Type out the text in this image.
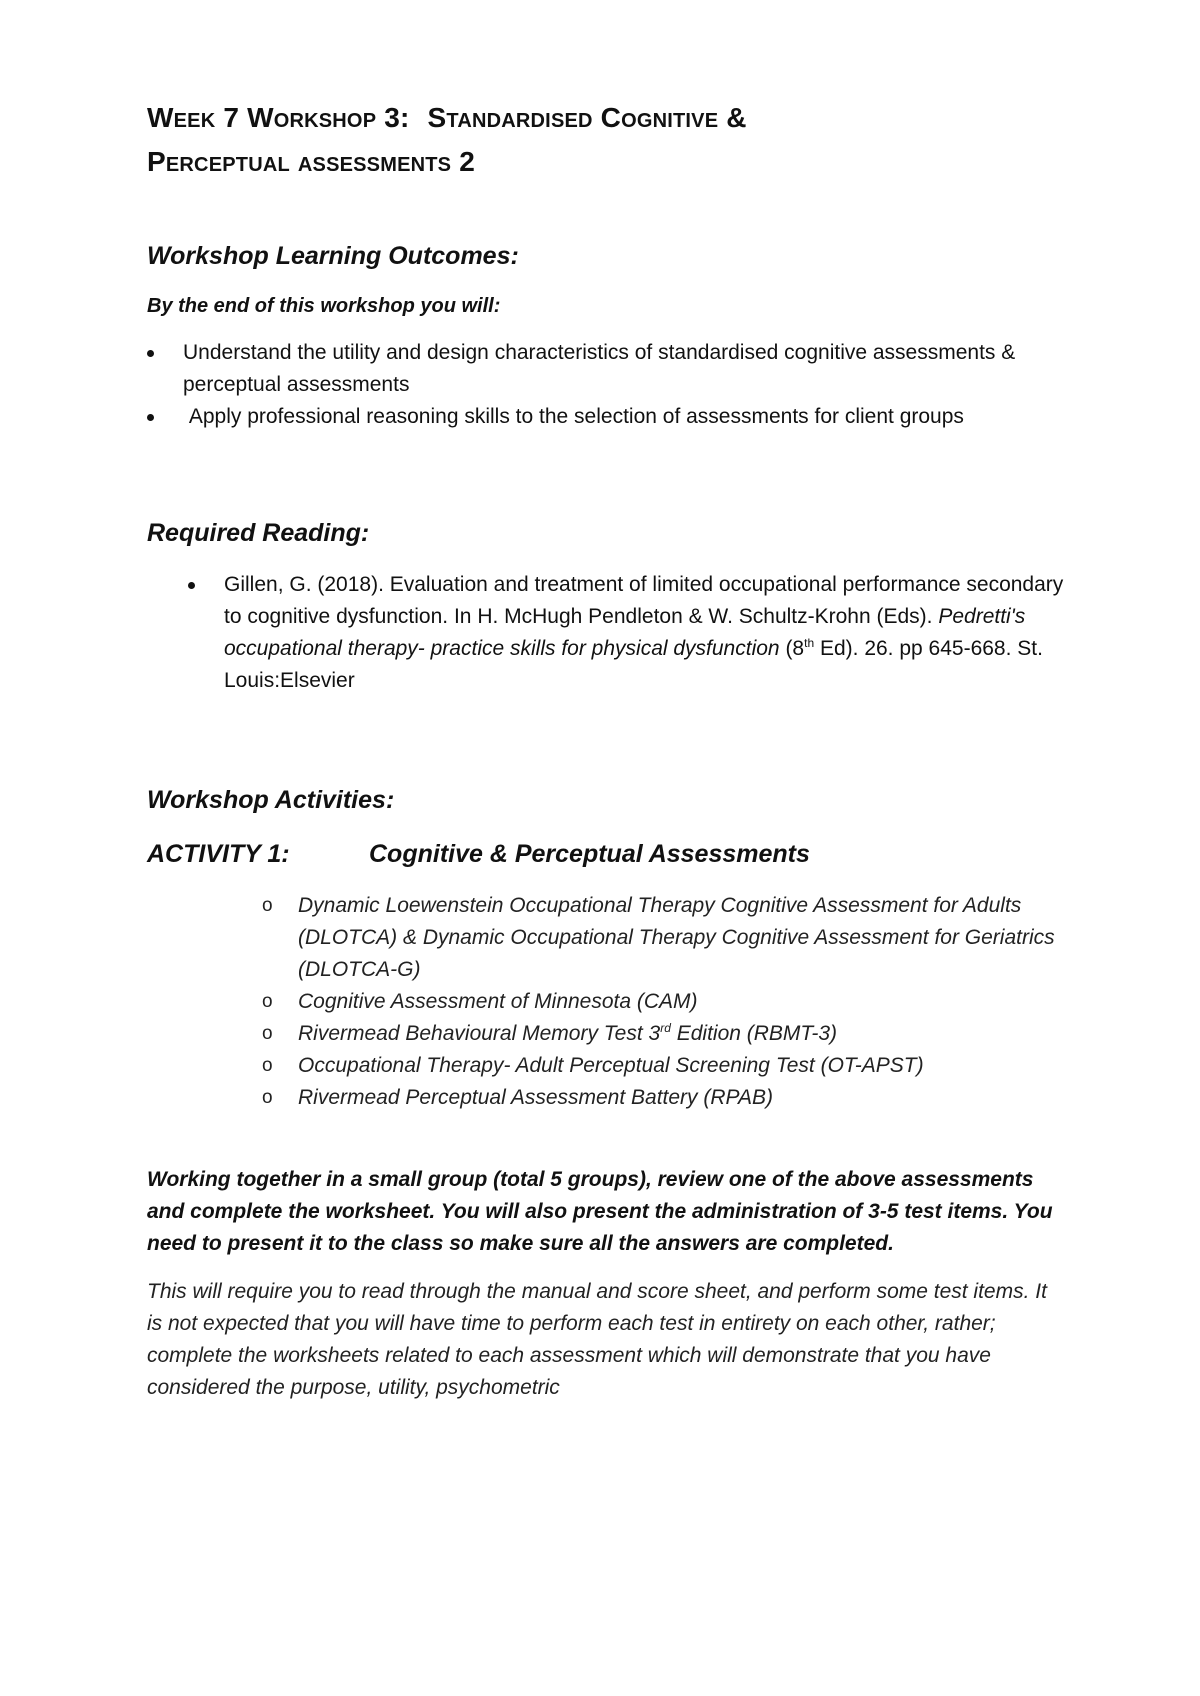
Week 7 Workshop 3: Standardised Cognitive &
Perceptual assessments 2
Workshop Learning Outcomes:

By the end of this workshop you will:

Understand the utility and design characteristics of standardised cognitive assessments & perceptual assessments
Apply professional reasoning skills to the selection of assessments for client groups
Required Reading:
Gillen, G. (2018). Evaluation and treatment of limited occupational performance secondary to cognitive dysfunction. In H. McHugh Pendleton & W. Schultz-Krohn (Eds). Pedretti's occupational therapy- practice skills for physical dysfunction (8th Ed). 26. pp 645-668. St. Louis:Elsevier
Workshop Activities:
ACTIVITY 1:	Cognitive & Perceptual Assessments
o Dynamic Loewenstein Occupational Therapy Cognitive Assessment for Adults (DLOTCA) & Dynamic Occupational Therapy Cognitive Assessment for Geriatrics (DLOTCA-G)
o Cognitive Assessment of Minnesota (CAM)
o Rivermead Behavioural Memory Test 3rd Edition (RBMT-3)
o Occupational Therapy- Adult Perceptual Screening Test (OT-APST)
o Rivermead Perceptual Assessment Battery (RPAB)

Working together in a small group (total 5 groups), review one of the above assessments and complete the worksheet. You will also present the administration of 3-5 test items. You need to present it to the class so make sure all the answers are completed.

This will require you to read through the manual and score sheet, and perform some test items. It is not expected that you will have time to perform each test in entirety on each other, rather; complete the worksheets related to each assessment which will demonstrate that you have considered the purpose, utility, psychometric
